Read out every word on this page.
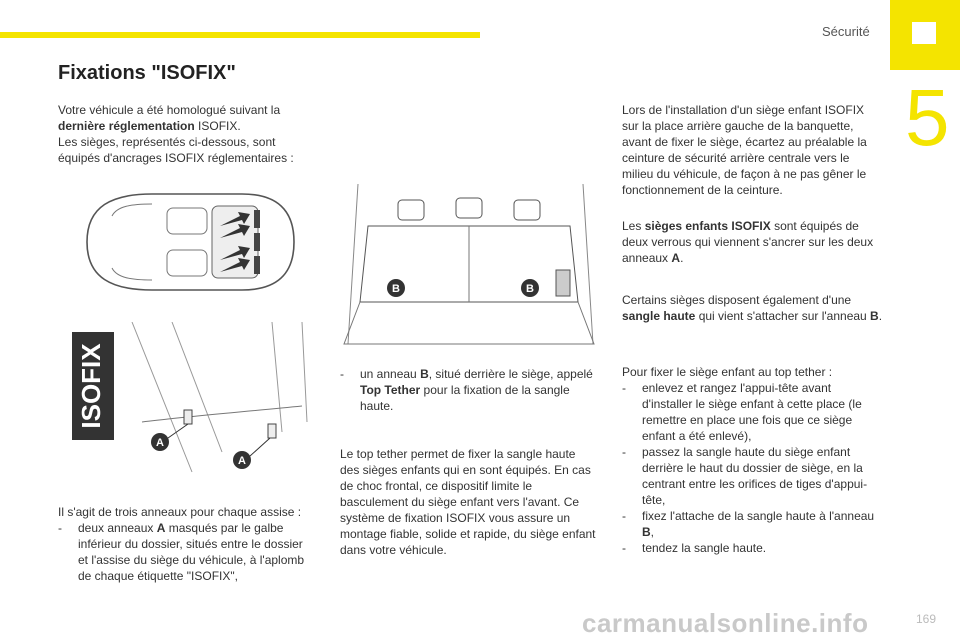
Sécurité
5
Fixations "ISOFIX"
Votre véhicule a été homologué suivant la
dernière réglementation ISOFIX.
Les sièges, représentés ci-dessous, sont équipés d'ancrages ISOFIX réglementaires :
ISOFIX
A
A
B	B
Il s'agit de trois anneaux pour chaque assise :
- deux anneaux A masqués par le galbe inférieur du dossier, situés entre le dossier et l'assise du siège du véhicule, à l'aplomb de chaque étiquette "ISOFIX",
- un anneau B, situé derrière le siège, appelé Top Tether pour la fixation de la sangle haute.
Le top tether permet de fixer la sangle haute des sièges enfants qui en sont équipés. En cas de choc frontal, ce dispositif limite le basculement du siège enfant vers l'avant. Ce système de fixation ISOFIX vous assure un montage fiable, solide et rapide, du siège enfant dans votre véhicule.
Lors de l'installation d'un siège enfant ISOFIX sur la place arrière gauche de la banquette, avant de fixer le siège, écartez au préalable la ceinture de sécurité arrière centrale vers le milieu du véhicule, de façon à ne pas gêner le fonctionnement de la ceinture.
Les sièges enfants ISOFIX sont équipés de deux verrous qui viennent s'ancrer sur les deux anneaux A.
Certains sièges disposent également d'une sangle haute qui vient s'attacher sur l'anneau B.
Pour fixer le siège enfant au top tether :
- enlevez et rangez l'appui-tête avant d'installer le siège enfant à cette place (le remettre en place une fois que ce siège enfant a été enlevé),
- passez la sangle haute du siège enfant derrière le haut du dossier de siège, en la centrant entre les orifices de tiges d'appui-tête,
- fixez l'attache de la sangle haute à l'anneau B,
- tendez la sangle haute.
carmanualsonline.info	169
